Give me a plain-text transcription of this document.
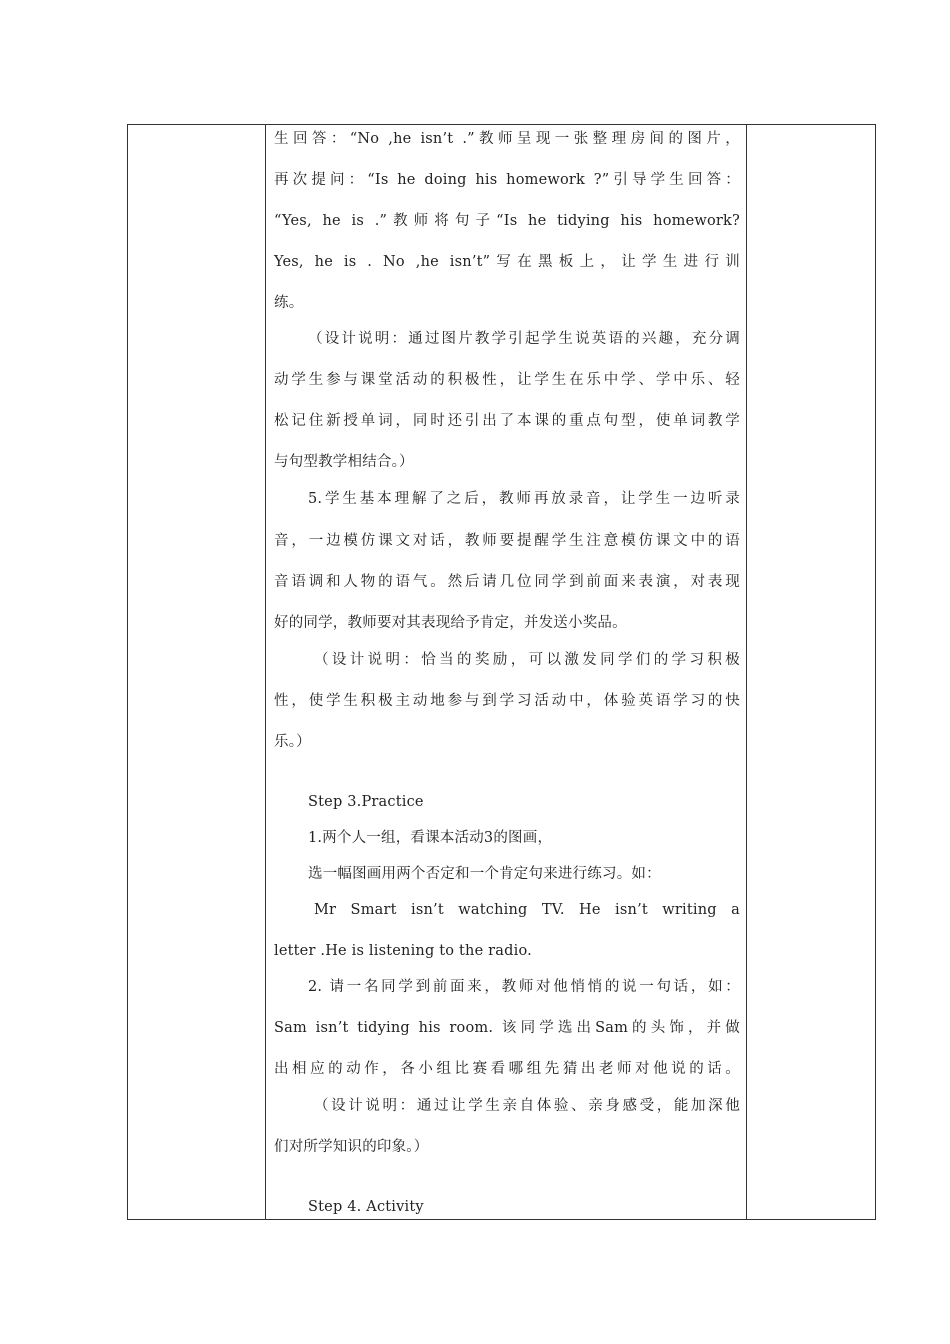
生回答：“No ,he isn’t .”教师呈现一张整理房间的图片，
再次提问：“Is he doing his homework ?”引导学生回答：
“Yes, he is .”教师将句子“Is he tidying his homework?
Yes, he is . No ,he isn’t”写在黑板上，让学生进行训
练。
（设计说明：通过图片教学引起学生说英语的兴趣，充分调
动学生参与课堂活动的积极性，让学生在乐中学、学中乐、轻
松记住新授单词，同时还引出了本课的重点句型，使单词教学
与句型教学相结合。）
5.学生基本理解了之后，教师再放录音，让学生一边听录
音，一边模仿课文对话，教师要提醒学生注意模仿课文中的语
音语调和人物的语气。然后请几位同学到前面来表演，对表现
好的同学，教师要对其表现给予肯定，并发送小奖品。
（设计说明：恰当的奖励，可以激发同学们的学习积极
性，使学生积极主动地参与到学习活动中，体验英语学习的快
乐。）
Step 3.Practice
1.两个人一组，看课本活动3的图画，
选一幅图画用两个否定和一个肯定句来进行练习。如：
Mr Smart isn’t watching TV. He isn’t writing a
letter .He is listening to the radio.
2. 请一名同学到前面来，教师对他悄悄的说一句话，如：
Sam isn’t tidying his room. 该同学选出Sam的头饰，并做
出相应的动作，各小组比赛看哪组先猜出老师对他说的话。
（设计说明：通过让学生亲自体验、亲身感受，能加深他
们对所学知识的印象。）
Step 4. Activity
